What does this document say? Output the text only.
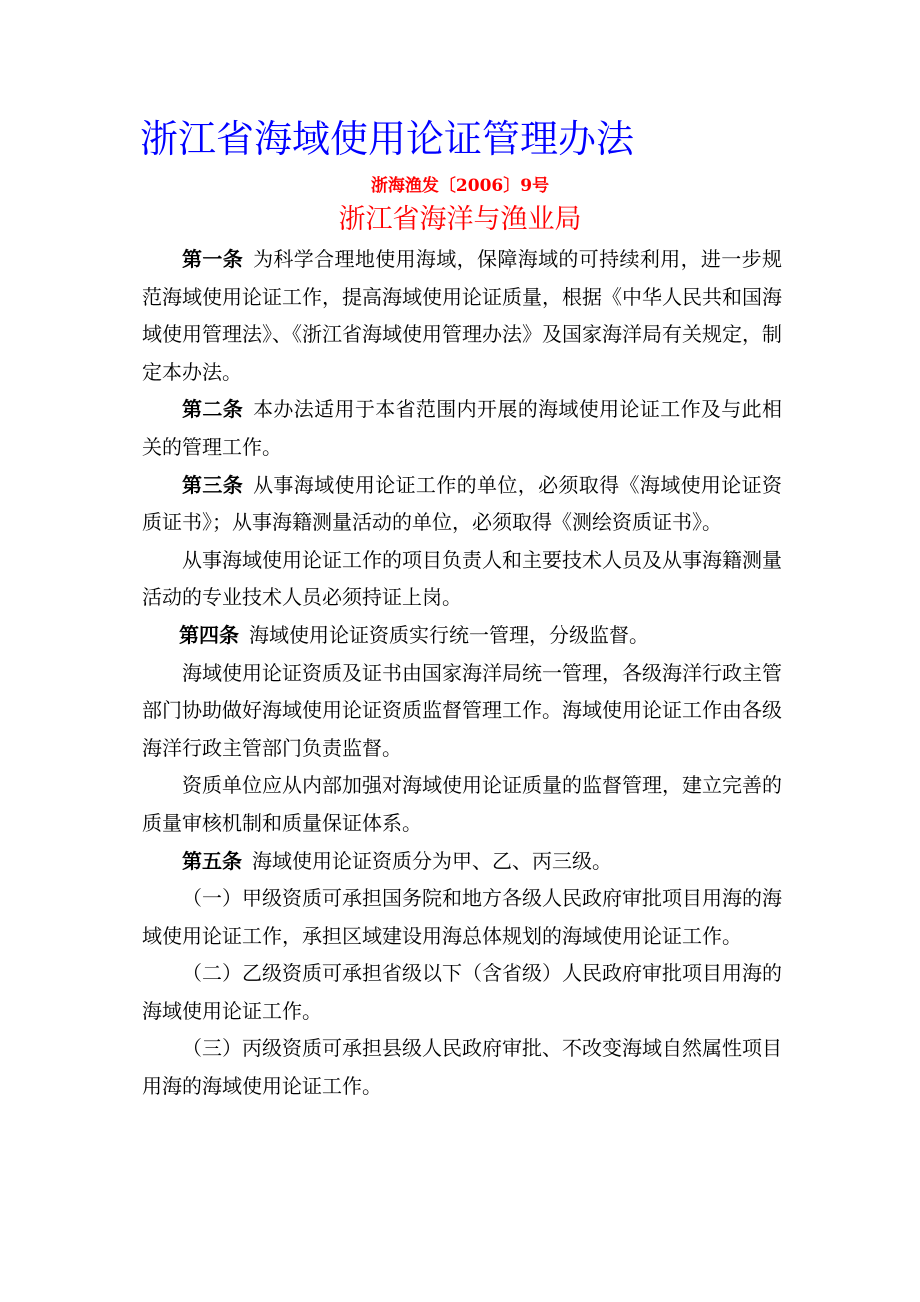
浙江省海域使用论证管理办法
浙海渔发〔2006〕9号
浙江省海洋与渔业局

第一条 为科学合理地使用海域，保障海域的可持续利用，进一步规范海域使用论证工作，提高海域使用论证质量，根据《中华人民共和国海域使用管理法》、《浙江省海域使用管理办法》及国家海洋局有关规定，制定本办法。

第二条 本办法适用于本省范围内开展的海域使用论证工作及与此相关的管理工作。

第三条 从事海域使用论证工作的单位，必须取得《海域使用论证资质证书》；从事海籍测量活动的单位，必须取得《测绘资质证书》。

从事海域使用论证工作的项目负责人和主要技术人员及从事海籍测量活动的专业技术人员必须持证上岗。

第四条 海域使用论证资质实行统一管理，分级监督。

海域使用论证资质及证书由国家海洋局统一管理，各级海洋行政主管部门协助做好海域使用论证资质监督管理工作。海域使用论证工作由各级海洋行政主管部门负责监督。

资质单位应从内部加强对海域使用论证质量的监督管理，建立完善的质量审核机制和质量保证体系。

第五条 海域使用论证资质分为甲、乙、丙三级。

（一）甲级资质可承担国务院和地方各级人民政府审批项目用海的海域使用论证工作，承担区域建设用海总体规划的海域使用论证工作。

（二）乙级资质可承担省级以下（含省级）人民政府审批项目用海的海域使用论证工作。

（三）丙级资质可承担县级人民政府审批、不改变海域自然属性项目用海的海域使用论证工作。
